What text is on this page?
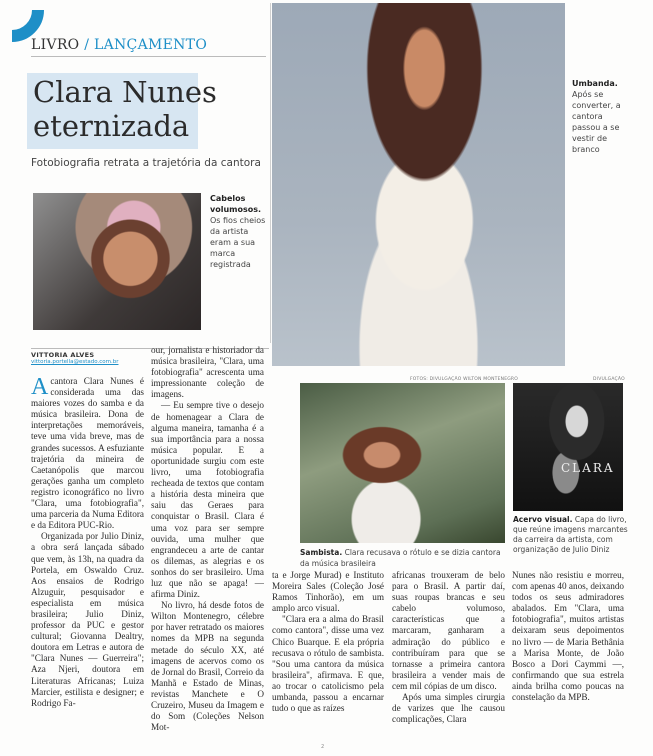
LIVRO / LANÇAMENTO
Clara Nunes eternizada
Fotobiografia retrata a trajetória da cantora
Cabelos volumosos. Os fios cheios da artista eram a sua marca registrada
Umbanda. Após se converter, a cantora passou a se vestir de branco
FOTOS: DIVULGAÇÃO WILTON MONTENEGRO	DIVULGAÇÃO
Sambista. Clara recusava o rótulo e se dizia cantora da música brasileira
CLARA
Acervo visual. Capa do livro, que reúne imagens marcantes da carreira da artista, com organização de Julio Diniz
VITTORIA ALVES
vittoria.portella@estado.com.br

A cantora Clara Nunes é considerada uma das maiores vozes do samba e da música brasileira. Dona de interpretações memoráveis, teve uma vida breve, mas de grandes sucessos. A esfuziante trajetória da mineira de Caetanópolis que marcou gerações ganha um completo registro iconográfico no livro "Clara, uma fotobiografia", uma parceria da Numa Editora e da Editora PUC-Rio.

Organizada por Julio Diniz, a obra será lançada sábado que vem, às 13h, na quadra da Portela, em Oswaldo Cruz. Aos ensaios de Rodrigo Alzuguir, pesquisador e especialista em música brasileira; Julio Diniz, professor da PUC e gestor cultural; Giovanna Dealtry, doutora em Letras e autora de "Clara Nunes — Guerreira"; Aza Njeri, doutora em Literaturas Africanas; Luiza Marcier, estilista e designer; e Rodrigo Fa-

our, jornalista e historiador da música brasileira, "Clara, uma fotobiografia" acrescenta uma impressionante coleção de imagens.

— Eu sempre tive o desejo de homenagear a Clara de alguma maneira, tamanha é a sua importância para a nossa música popular. E a oportunidade surgiu com este livro, uma fotobiografia recheada de textos que contam a história desta mineira que saiu das Geraes para conquistar o Brasil. Clara é uma voz para ser sempre ouvida, uma mulher que engrandeceu a arte de cantar os dilemas, as alegrias e os sonhos do ser brasileiro. Uma luz que não se apaga! — afirma Diniz.

No livro, há desde fotos de Wilton Montenegro, célebre por haver retratado os maiores nomes da MPB na segunda metade do século XX, até imagens de acervos como os de Jornal do Brasil, Correio da Manhã e Estado de Minas, revistas Manchete e O Cruzeiro, Museu da Imagem e do Som (Coleções Nelson Mot-

ta e Jorge Murad) e Instituto Moreira Sales (Coleção José Ramos Tinhorão), em um amplo arco visual.

"Clara era a alma do Brasil como cantora", disse uma vez Chico Buarque. E ela própria recusava o rótulo de sambista. "Sou uma cantora da música brasileira", afirmava. E que, ao trocar o catolicismo pela umbanda, passou a encarnar tudo o que as raízes

africanas trouxeram de belo para o Brasil. A partir daí, suas roupas brancas e seu cabelo volumoso, características que a marcaram, ganharam a admiração do público e contribuíram para que se tornasse a primeira cantora brasileira a vender mais de cem mil cópias de um disco.

Após uma simples cirurgia de varizes que lhe causou complicações, Clara

Nunes não resistiu e morreu, com apenas 40 anos, deixando todos os seus admiradores abalados. Em "Clara, uma fotobiografia", muitos artistas deixaram seus depoimentos no livro — de Maria Bethânia a Marisa Monte, de João Bosco a Dori Caymmi —, confirmando que sua estrela ainda brilha como poucas na constelação da MPB.

2
